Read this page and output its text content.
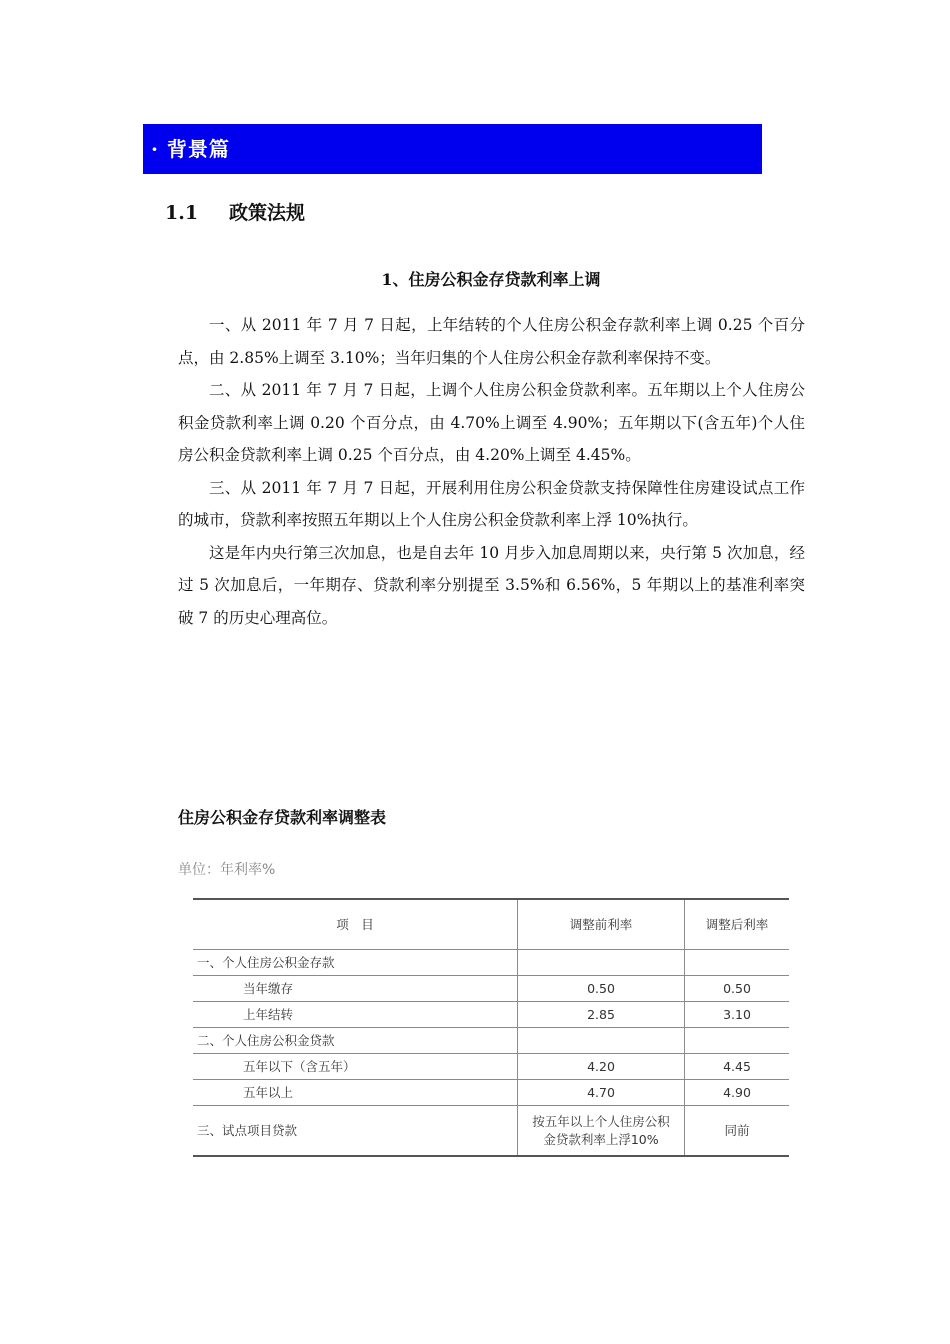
· 背景篇
1.1 政策法规
1、住房公积金存贷款利率上调

一、从 2011 年 7 月 7 日起，上年结转的个人住房公积金存款利率上调 0.25 个百分点，由 2.85%上调至 3.10%；当年归集的个人住房公积金存款利率保持不变。

二、从 2011 年 7 月 7 日起，上调个人住房公积金贷款利率。五年期以上个人住房公积金贷款利率上调 0.20 个百分点，由 4.70%上调至 4.90%；五年期以下(含五年)个人住房公积金贷款利率上调 0.25 个百分点，由 4.20%上调至 4.45%。

三、从 2011 年 7 月 7 日起，开展利用住房公积金贷款支持保障性住房建设试点工作的城市，贷款利率按照五年期以上个人住房公积金贷款利率上浮 10%执行。

这是年内央行第三次加息，也是自去年 10 月步入加息周期以来，央行第 5 次加息，经过 5 次加息后，一年期存、贷款利率分别提至 3.5%和 6.56%，5 年期以上的基准利率突破 7 的历史心理高位。

住房公积金存贷款利率调整表
单位：年利率%
项　目	调整前利率	调整后利率
一、个人住房公积金存款		
当年缴存	0.50	0.50
上年结转	2.85	3.10
二、个人住房公积金贷款		
五年以下（含五年）	4.20	4.45
五年以上	4.70	4.90
三、试点项目贷款	按五年以上个人住房公积
金贷款利率上浮10%	同前
